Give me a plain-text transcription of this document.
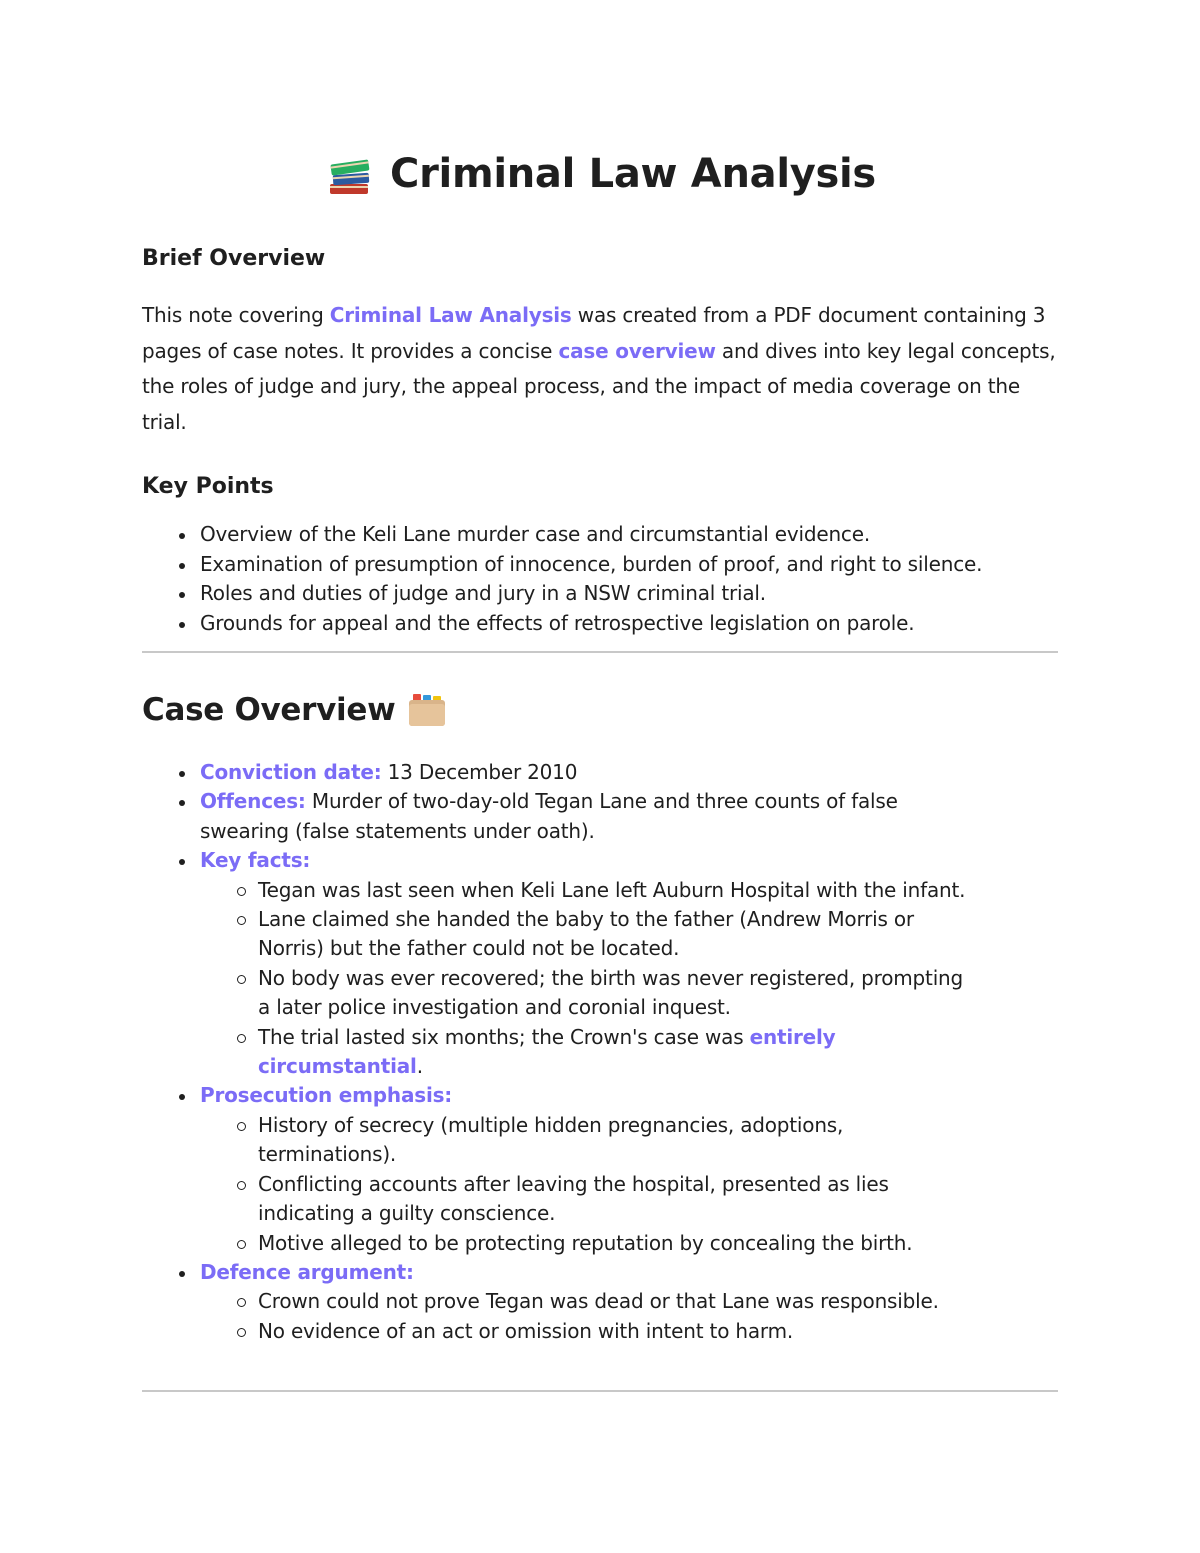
Criminal Law Analysis
Brief Overview

This note covering Criminal Law Analysis was created from a PDF document containing 3 pages of case notes. It provides a concise case overview and dives into key legal concepts, the roles of judge and jury, the appeal process, and the impact of media coverage on the trial.

Key Points
Overview of the Keli Lane murder case and circumstantial evidence.
Examination of presumption of innocence, burden of proof, and right to silence.
Roles and duties of judge and jury in a NSW criminal trial.
Grounds for appeal and the effects of retrospective legislation on parole.
Case Overview
Conviction date: 13 December 2010
Offences: Murder of two-day-old Tegan Lane and three counts of false swearing (false statements under oath).
Key facts:
Tegan was last seen when Keli Lane left Auburn Hospital with the infant.
Lane claimed she handed the baby to the father (Andrew Morris or Norris) but the father could not be located.
No body was ever recovered; the birth was never registered, prompting a later police investigation and coronial inquest.
The trial lasted six months; the Crown's case was entirely circumstantial.
Prosecution emphasis:
History of secrecy (multiple hidden pregnancies, adoptions, terminations).
Conflicting accounts after leaving the hospital, presented as lies indicating a guilty conscience.
Motive alleged to be protecting reputation by concealing the birth.
Defence argument:
Crown could not prove Tegan was dead or that Lane was responsible.
No evidence of an act or omission with intent to harm.
